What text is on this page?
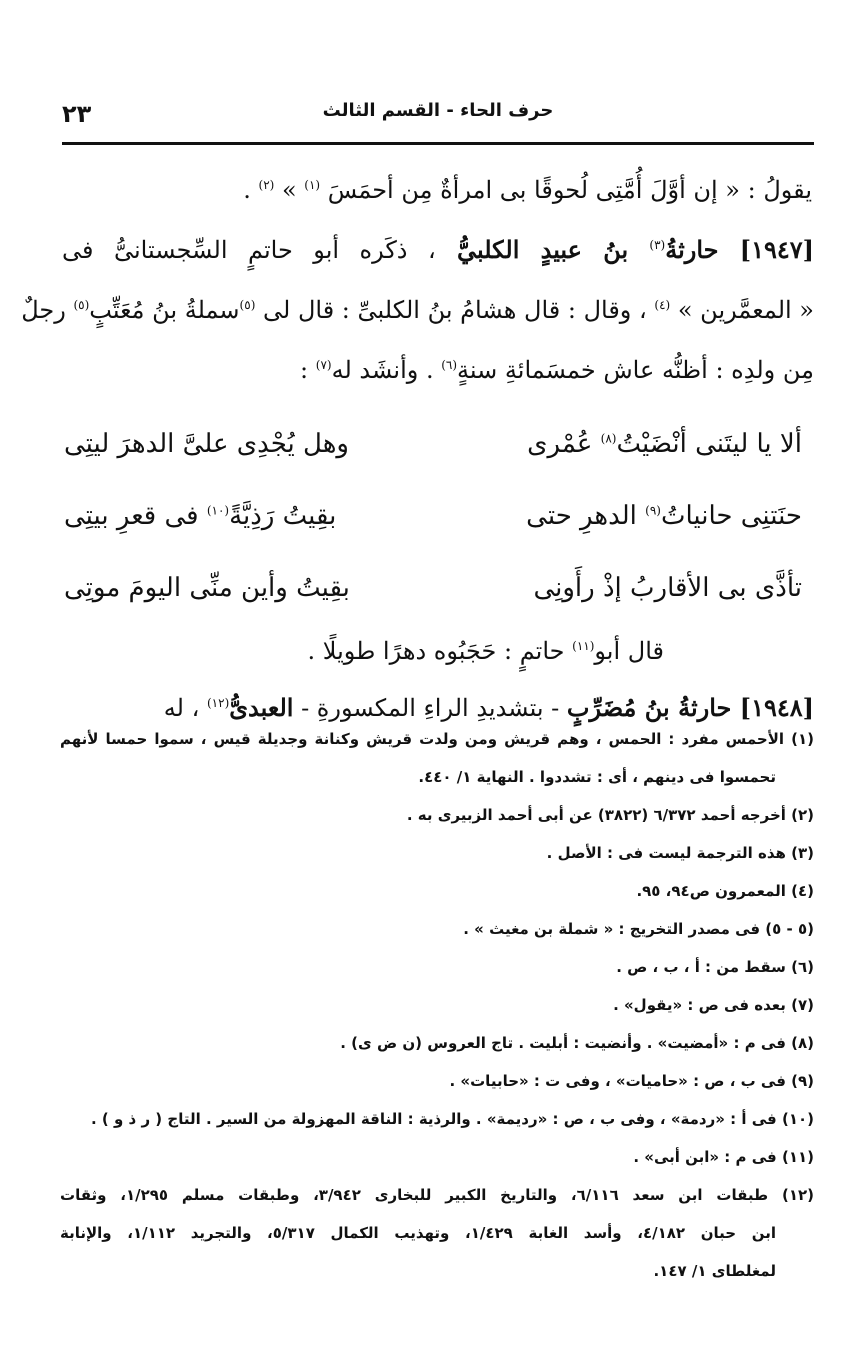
٢٣	حرف الحاء - القسم الثالث
يقولُ : « إن أوَّلَ أُمَّتِى لُحوقًا بى امرأةٌ مِن أحمَسَ $^{(١)}$ » $^{(٢)}$ .
[١٩٤٧] حارثةُ$^{(٣)}$ بنُ عبيدٍ الكلبيُّ ، ذكَره أبو حاتمٍ السِّجستانىُّ فى
« المعمَّرين » $^{(٤)}$ ، وقال : قال هشامُ بنُ الكلبىِّ : قال لى $^{(٥)}$سملةُ بنُ مُعَتِّبٍ$^{(٥)}$ رجلٌ
مِن ولدِه : أظنُّه عاش خمسَمائةِ سنةٍ$^{(٦)}$ . وأنشَد له$^{(٧)}$ :
ألا يا ليتَنى أنْضَيْتُ$^{(٨)}$ عُمْرى
وهل يُجْدِى علىَّ الدهرَ ليتِى
حنَتنِى حانياتُ$^{(٩)}$ الدهرِ حتى
بقِيتُ رَذِيَّةً$^{(١٠)}$ فى قعرِ بيتِى
تأذَّى بى الأقاربُ إذْ رأَونِى
بقِيتُ وأين منِّى اليومَ موتِى
قال أبو$^{(١١)}$ حاتمٍ : حَجَبُوه دهرًا طويلًا .
[١٩٤٨] حارثةُ بنُ مُضَرِّبٍ - بتشديدِ الراءِ المكسورةِ - العبدىُّ$^{(١٢)}$ ، له
(١) الأحمس مفرد : الحمس ، وهم قريش ومن ولدت قريش وكنانة وجديلة قيس ، سموا حمسا لأنهم
تحمسوا فى دينهم ، أى : تشددوا . النهاية ١/ ٤٤٠.
(٢) أخرجه أحمد ٦/٣٧٢ (٣٨٢٢) عن أبى أحمد الزبيرى به .
(٣) هذه الترجمة ليست فى : الأصل .
(٤) المعمرون ص٩٤، ٩٥.
(٥ - ٥) فى مصدر التخريج : « شملة بن مغيث » .
(٦) سقط من : أ ، ب ، ص .
(٧) بعده فى ص : «يقول» .
(٨) فى م : «أمضيت» . وأنضيت : أبليت . تاج العروس (ن ض ى) .
(٩) فى ب ، ص : «حاميات» ، وفى ت : «حابيات» .
(١٠) فى أ : «ردمة» ، وفى ب ، ص : «رديمة» . والرذية : الناقة المهزولة من السير . التاج ( ر ذ و ) .
(١١) فى م : «ابن أبى» .
(١٢) طبقات ابن سعد ٦/١١٦، والتاريخ الكبير للبخارى ٣/٩٤٢، وطبقات مسلم ١/٢٩٥، وثقات
ابن حبان ٤/١٨٢، وأسد الغابة ١/٤٢٩، وتهذيب الكمال ٥/٣١٧، والتجريد ١/١١٢، والإنابة
لمغلطاى ١/ ١٤٧.
